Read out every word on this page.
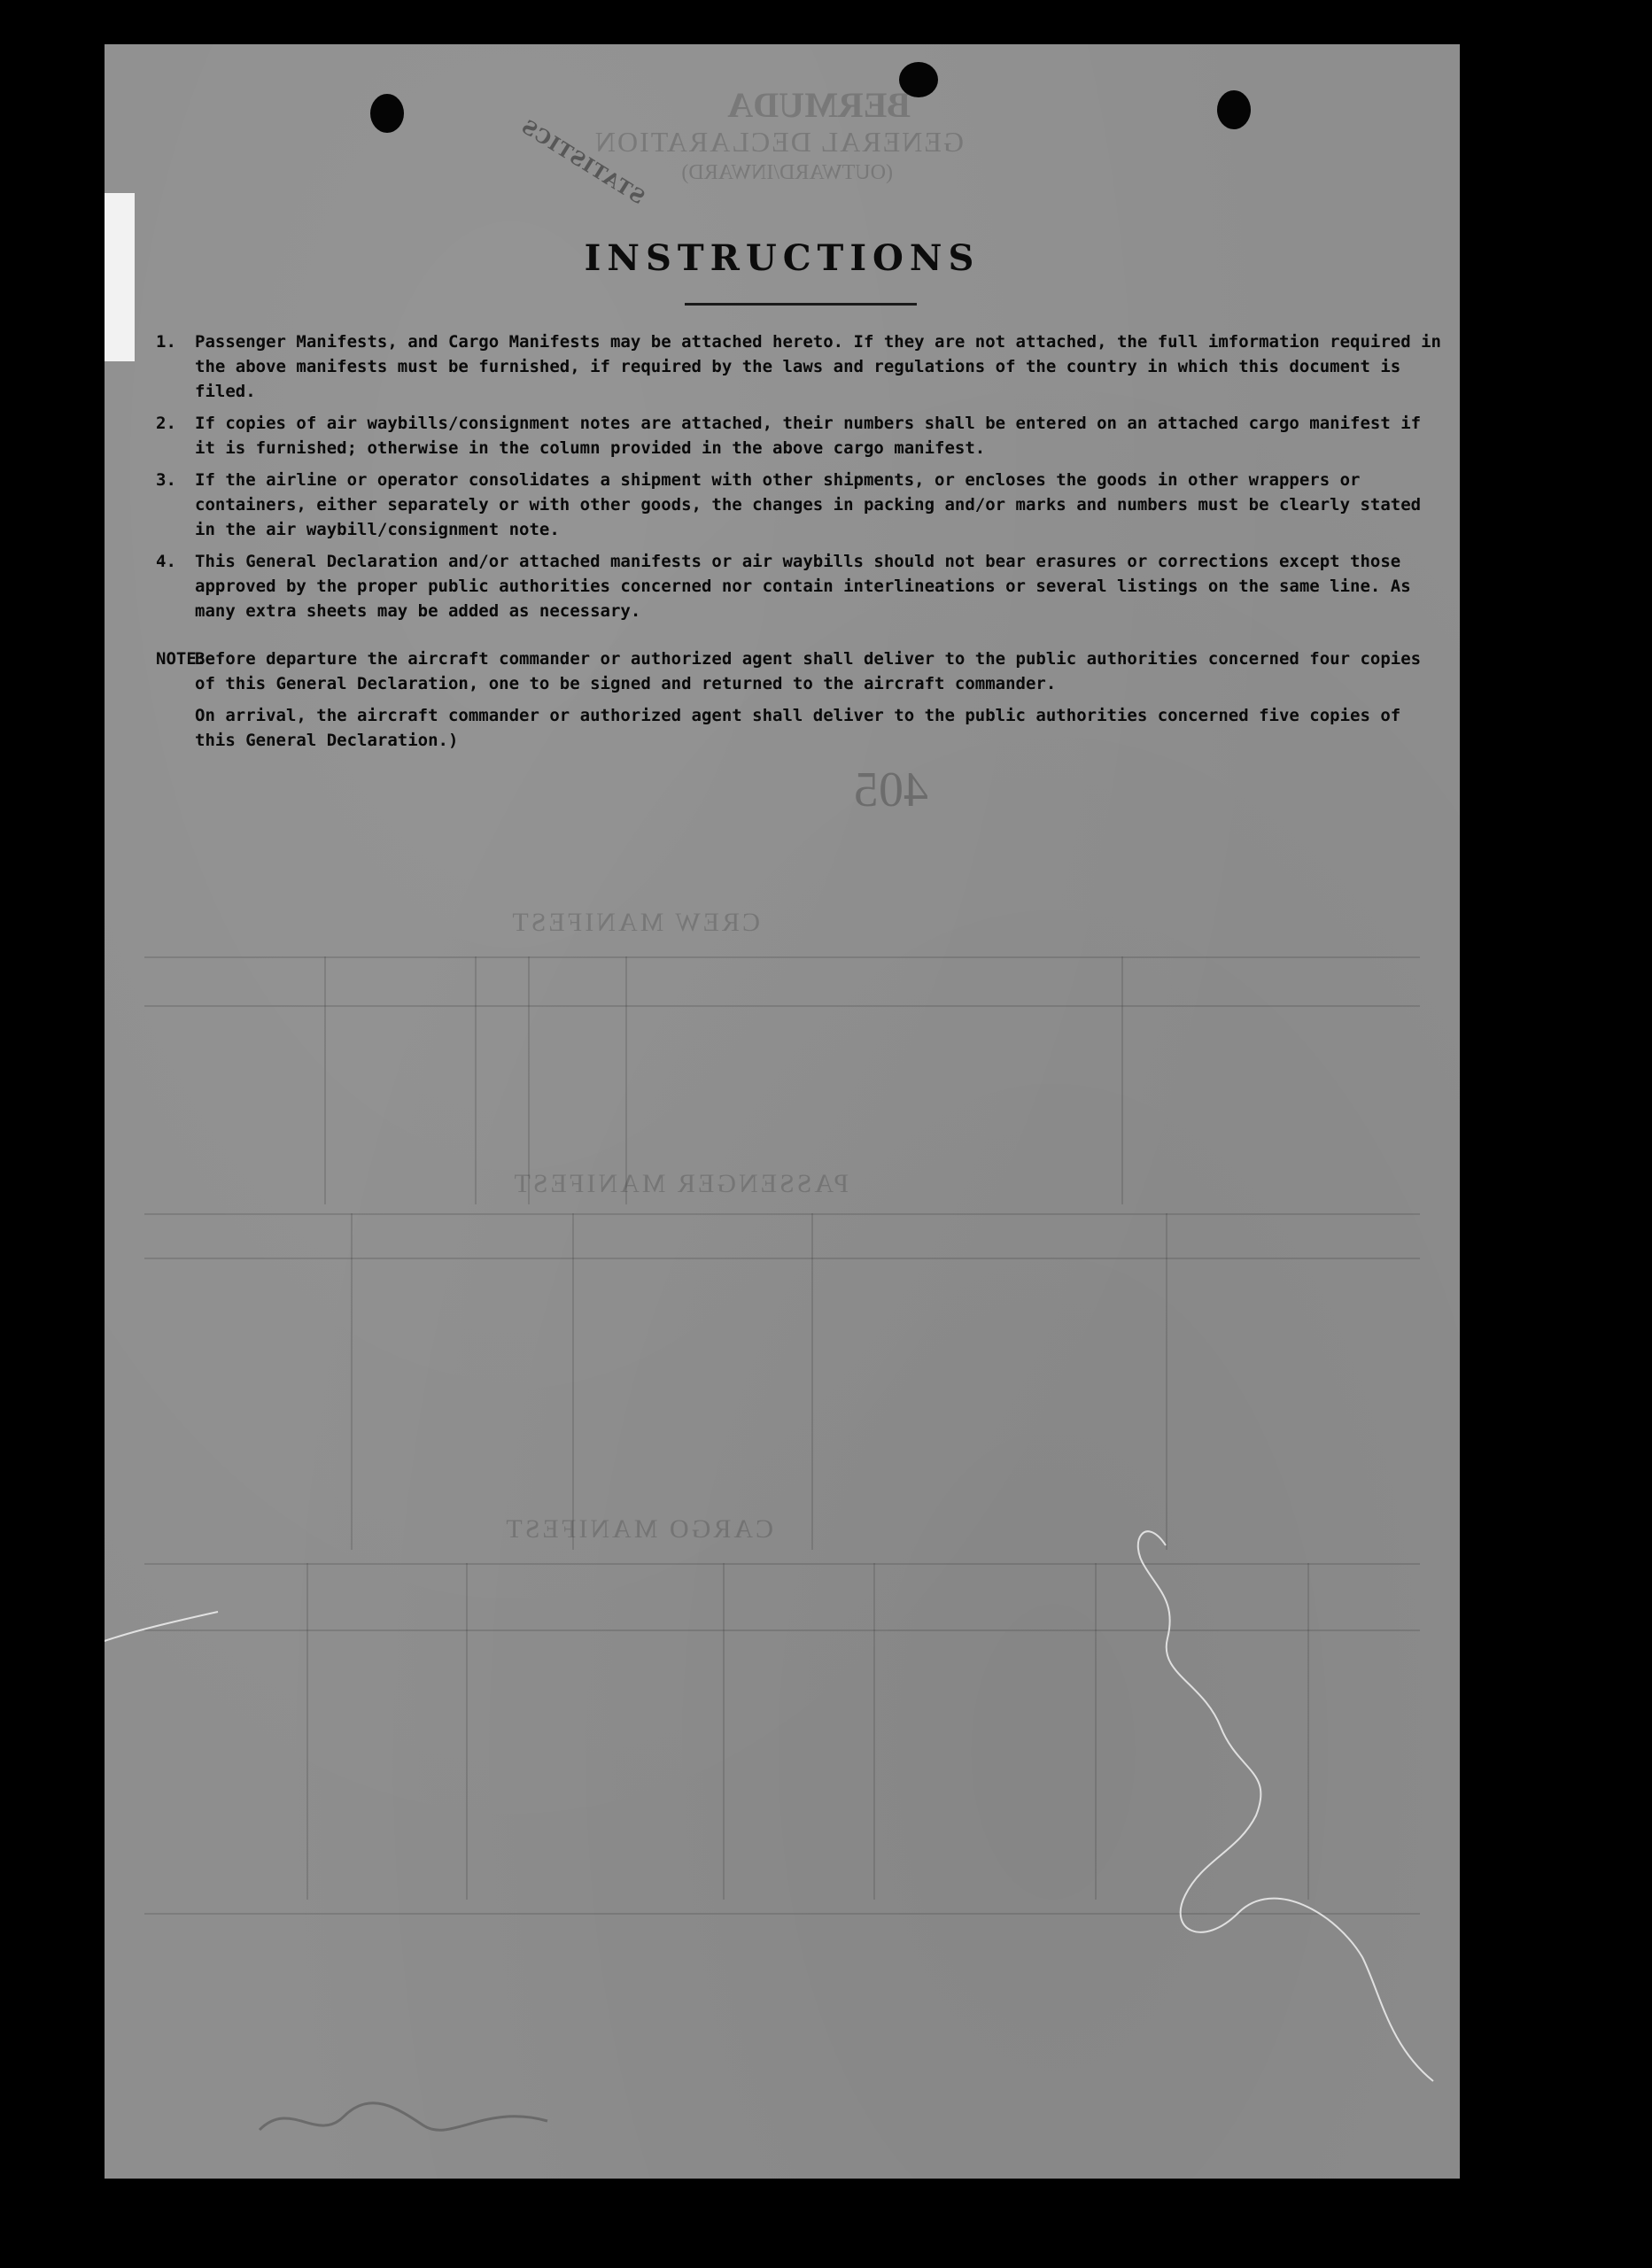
BERMUDA
GENERAL DECLARATION
(OUTWARD/INWARD)
405
CREW MANIFEST
PASSENGER MANIFEST
CARGO MANIFEST
STATISTICS
INSTRUCTIONS
1. Passenger Manifests, and Cargo Manifests may be attached hereto. If they are not attached, the full imformation required in the above manifests must be furnished, if required by the laws and regulations of the country in which this document is filed.
2. If copies of air waybills/consignment notes are attached, their numbers shall be entered on an attached cargo manifest if it is furnished; otherwise in the column provided in the above cargo manifest.
3. If the airline or operator consolidates a shipment with other shipments, or encloses the goods in other wrappers or containers, either separately or with other goods, the changes in packing and/or marks and numbers must be clearly stated in the air waybill/consignment note.
4. This General Declaration and/or attached manifests or air waybills should not bear erasures or corrections except those approved by the proper public authorities concerned nor contain interlineations or several listings on the same line. As many extra sheets may be added as necessary.
NOTE:
Before departure the aircraft commander or authorized agent shall deliver to the public authorities concerned four copies of this General Declaration, one to be signed and returned to the aircraft commander.
On arrival, the aircraft commander or authorized agent shall deliver to the public authorities concerned five copies of this General Declaration.)
